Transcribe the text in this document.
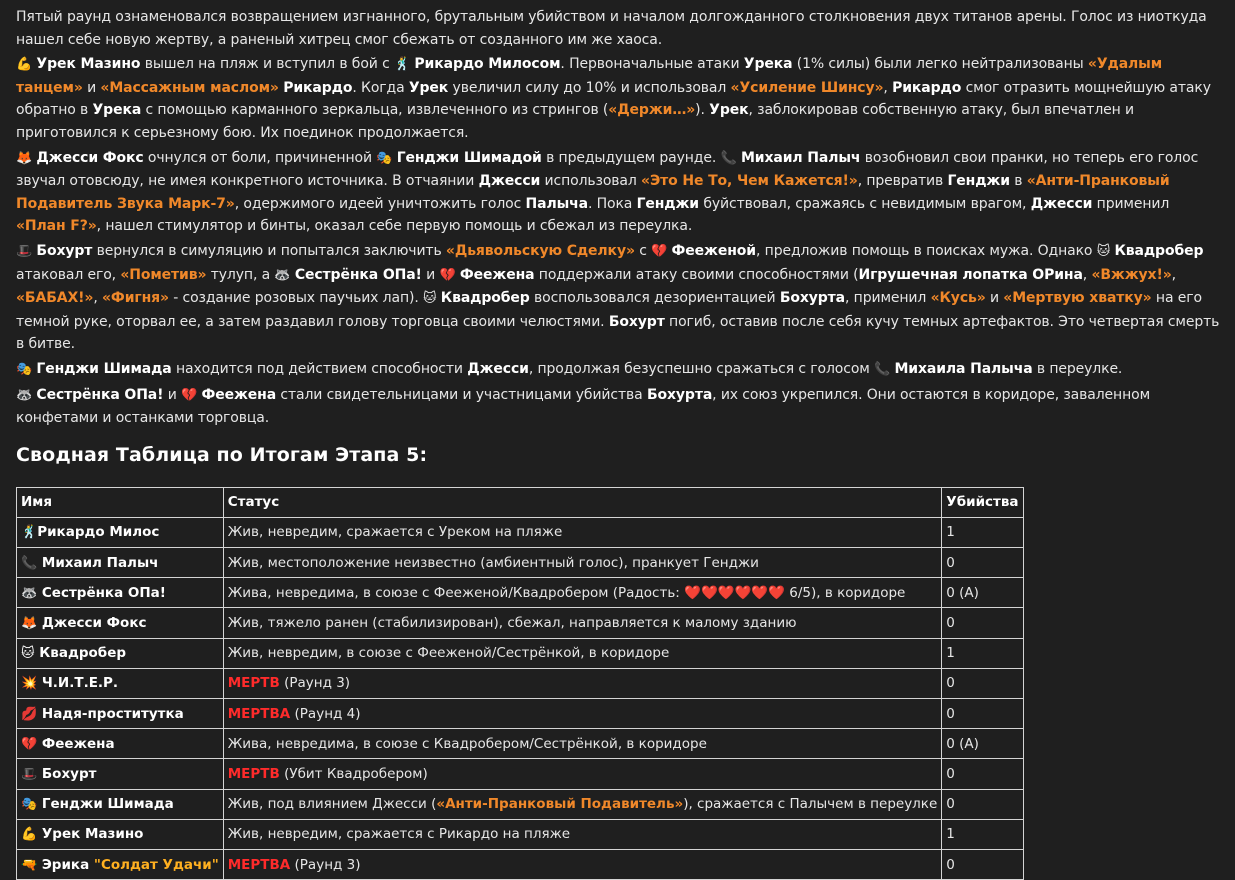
Пятый раунд ознаменовался возвращением изгнанного, брутальным убийством и началом долгожданного столкновения двух титанов арены. Голос из ниоткуда нашел себе новую жертву, а раненый хитрец смог сбежать от созданного им же хаоса.

💪 Урек Мазино вышел на пляж и вступил в бой с 🕺 Рикардо Милосом. Первоначальные атаки Урека (1% силы) были легко нейтрализованы «Удалым танцем» и «Массажным маслом» Рикардо. Когда Урек увеличил силу до 10% и использовал «Усиление Шинсу», Рикардо смог отразить мощнейшую атаку обратно в Урека с помощью карманного зеркальца, извлеченного из стрингов («Держи…»). Урек, заблокировав собственную атаку, был впечатлен и приготовился к серьезному бою. Их поединок продолжается.

🦊 Джесси Фокс очнулся от боли, причиненной 🎭 Генджи Шимадой в предыдущем раунде. 📞 Михаил Палыч возобновил свои пранки, но теперь его голос звучал отовсюду, не имея конкретного источника. В отчаянии Джесси использовал «Это Не То, Чем Кажется!», превратив Генджи в «Анти-Пранковый Подавитель Звука Марк-7», одержимого идеей уничтожить голос Палыча. Пока Генджи буйствовал, сражаясь с невидимым врагом, Джесси применил «План F?», нашел стимулятор и бинты, оказал себе первую помощь и сбежал из переулка.

🎩 Бохурт вернулся в симуляцию и попытался заключить «Дьявольскую Сделку» с 💔 Фееженой, предложив помощь в поисках мужа. Однако 🐱 Квадробер атаковал его, «Пометив» тулуп, а 🦝 Сестрёнка ОПа! и 💔 Феежена поддержали атаку своими способностями (Игрушечная лопатка ОРина, «Вжжух!», «БАБАХ!», «Фигня» - создание розовых паучьих лап). 🐱 Квадробер воспользовался дезориентацией Бохурта, применил «Кусь» и «Мертвую хватку» на его темной руке, оторвал ее, а затем раздавил голову торговца своими челюстями. Бохурт погиб, оставив после себя кучу темных артефактов. Это четвертая смерть в битве.

🎭 Генджи Шимада находится под действием способности Джесси, продолжая безуспешно сражаться с голосом 📞 Михаила Палыча в переулке.

🦝 Сестрёнка ОПа! и 💔 Феежена стали свидетельницами и участницами убийства Бохурта, их союз укрепился. Они остаются в коридоре, заваленном конфетами и останками торговца.

Сводная Таблица по Итогам Этапа 5:
Имя	Статус	Убийства
🕺Рикардо Милос	Жив, невредим, сражается с Уреком на пляже	1
📞 Михаил Палыч	Жив, местоположение неизвестно (амбиентный голос), пранкует Генджи	0
🦝 Сестрёнка ОПа!	Жива, невредима, в союзе с Фееженой/Квадробером (Радость: ❤️❤️❤️❤️❤️❤️ 6/5), в коридоре	0 (А)
🦊 Джесси Фокс	Жив, тяжело ранен (стабилизирован), сбежал, направляется к малому зданию	0
🐱 Квадробер	Жив, невредим, в союзе с Фееженой/Сестрёнкой, в коридоре	1
💥 Ч.И.Т.Е.Р.	МЕРТВ (Раунд 3)	0
💋 Надя-проститутка	МЕРТВА (Раунд 4)	0
💔 Феежена	Жива, невредима, в союзе с Квадробером/Сестрёнкой, в коридоре	0 (А)
🎩 Бохурт	МЕРТВ (Убит Квадробером)	0
🎭 Генджи Шимада	Жив, под влиянием Джесси («Анти-Пранковый Подавитель»), сражается с Палычем в переулке	0
💪 Урек Мазино	Жив, невредим, сражается с Рикардо на пляже	1
🔫 Эрика "Солдат Удачи"	МЕРТВА (Раунд 3)	0
